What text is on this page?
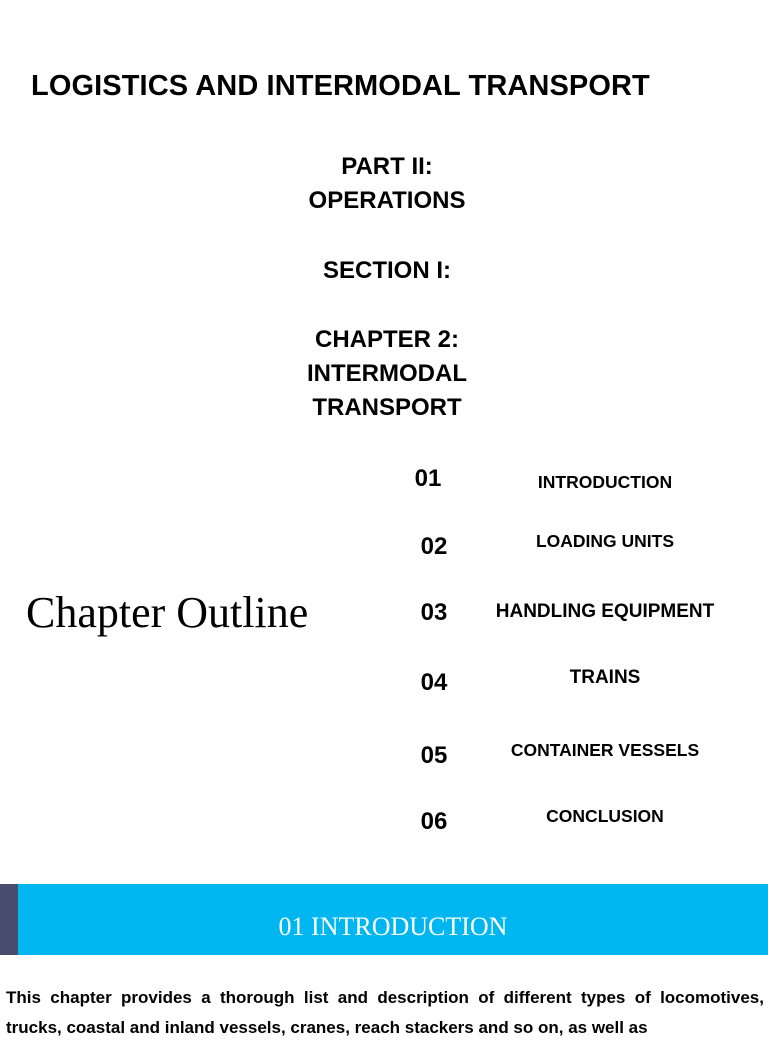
LOGISTICS AND INTERMODAL TRANSPORT
PART II:
OPERATIONS
SECTION I:
CHAPTER 2:
INTERMODAL TRANSPORT
Chapter Outline
01	INTRODUCTION
02	LOADING UNITS
03	HANDLING EQUIPMENT
04	TRAINS
05	CONTAINER VESSELS
06	CONCLUSION
01 INTRODUCTION
This chapter provides a thorough list and description of different types of locomotives, trucks, coastal and inland vessels, cranes, reach stackers and so on, as well as
